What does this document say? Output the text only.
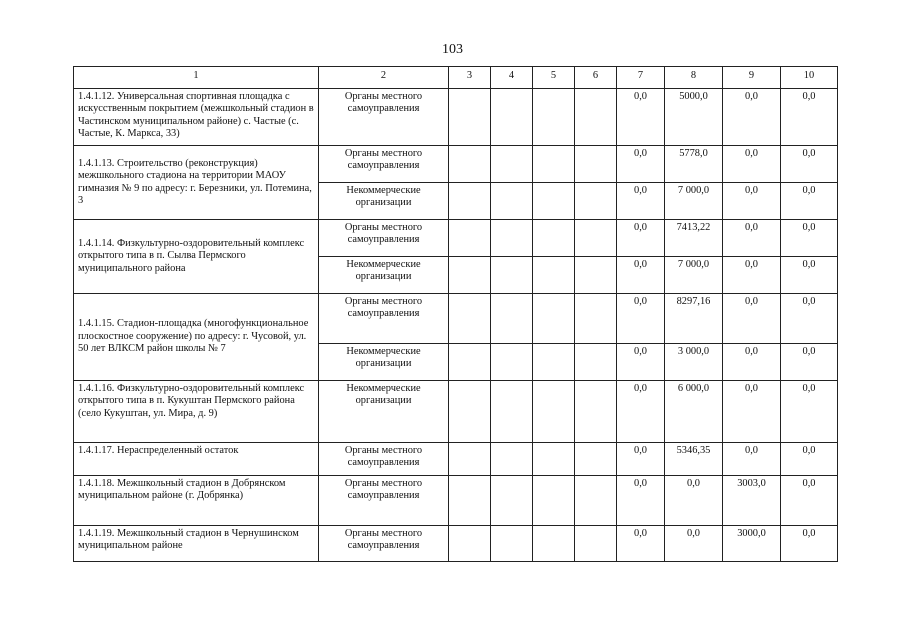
103
1	2	3	4	5	6	7	8	9	10
1.4.1.12. Универсальная спортивная площадка с искусственным покрытием (межшкольный стадион в Частинском муниципальном районе) с. Частые (с. Частые, К. Маркса, 33)	Органы местного самоуправления					0,0	5000,0	0,0	0,0
1.4.1.13. Строительство (реконструкция) межшкольного стадиона на территории МАОУ гимназия № 9 по адресу: г. Березники, ул. Потемина, 3	Органы местного самоуправления					0,0	5778,0	0,0	0,0
	Некоммерческие организации					0,0	7 000,0	0,0	0,0
1.4.1.14. Физкультурно-оздоровительный комплекс открытого типа в п. Сылва Пермского муниципального района	Органы местного самоуправления					0,0	7413,22	0,0	0,0
	Некоммерческие организации					0,0	7 000,0	0,0	0,0
1.4.1.15. Стадион-площадка (многофункциональное плоскостное сооружение) по адресу: г. Чусовой, ул. 50 лет ВЛКСМ район школы № 7	Органы местного самоуправления					0,0	8297,16	0,0	0,0
	Некоммерческие организации					0,0	3 000,0	0,0	0,0
1.4.1.16. Физкультурно-оздоровительный комплекс открытого типа в п. Кукуштан Пермского района (село Кукуштан, ул. Мира, д. 9)	Некоммерческие организации					0,0	6 000,0	0,0	0,0
1.4.1.17. Нераспределенный остаток	Органы местного самоуправления					0,0	5346,35	0,0	0,0
1.4.1.18. Межшкольный стадион в Добрянском муниципальном районе (г. Добрянка)	Органы местного самоуправления					0,0	0,0	3003,0	0,0
1.4.1.19. Межшкольный стадион в Чернушинском муниципальном районе	Органы местного самоуправления					0,0	0,0	3000,0	0,0
